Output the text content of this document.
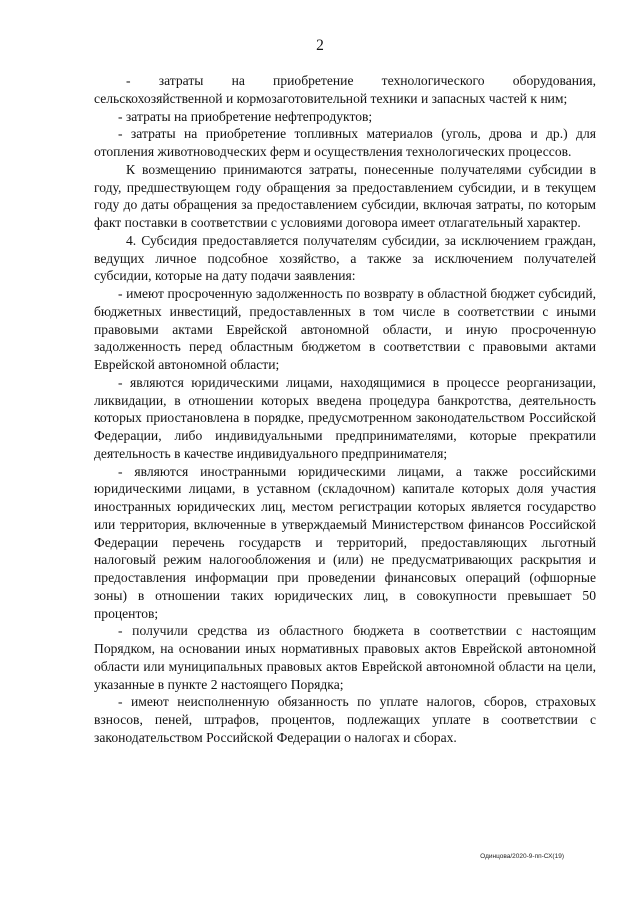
2

- затраты на приобретение технологического оборудования, сельскохозяйственной и кормозаготовительной техники и запасных частей к ним;

- затраты на приобретение нефтепродуктов;

- затраты на приобретение топливных материалов (уголь, дрова и др.) для отопления животноводческих ферм и осуществления технологических процессов.

К возмещению принимаются затраты, понесенные получателями субсидии в году, предшествующем году обращения за предоставлением субсидии, и в текущем году до даты обращения за предоставлением субсидии, включая затраты, по которым факт поставки в соответствии с условиями договора имеет отлагательный характер.

4. Субсидия предоставляется получателям субсидии, за исключением граждан, ведущих личное подсобное хозяйство, а также за исключением получателей субсидии, которые на дату подачи заявления:

- имеют просроченную задолженность по возврату в областной бюджет субсидий, бюджетных инвестиций, предоставленных в том числе в соответствии с иными правовыми актами Еврейской автономной области, и иную просроченную задолженность перед областным бюджетом в соответствии с правовыми актами Еврейской автономной области;

- являются юридическими лицами, находящимися в процессе реорганизации, ликвидации, в отношении которых введена процедура банкротства, деятельность которых приостановлена в порядке, предусмотренном законодательством Российской Федерации, либо индивидуальными предпринимателями, которые прекратили деятельность в качестве индивидуального предпринимателя;

- являются иностранными юридическими лицами, а также российскими юридическими лицами, в уставном (складочном) капитале которых доля участия иностранных юридических лиц, местом регистрации которых является государство или территория, включенные в утверждаемый Министерством финансов Российской Федерации перечень государств и территорий, предоставляющих льготный налоговый режим налогообложения и (или) не предусматривающих раскрытия и предоставления информации при проведении финансовых операций (офшорные зоны) в отношении таких юридических лиц, в совокупности превышает 50 процентов;

- получили средства из областного бюджета в соответствии с настоящим Порядком, на основании иных нормативных правовых актов Еврейской автономной области или муниципальных правовых актов Еврейской автономной области на цели, указанные в пункте 2 настоящего Порядка;

- имеют неисполненную обязанность по уплате налогов, сборов, страховых взносов, пеней, штрафов, процентов, подлежащих уплате в соответствии с законодательством Российской Федерации о налогах и сборах.

Одинцова/2020-9-пп-СХ(19)
